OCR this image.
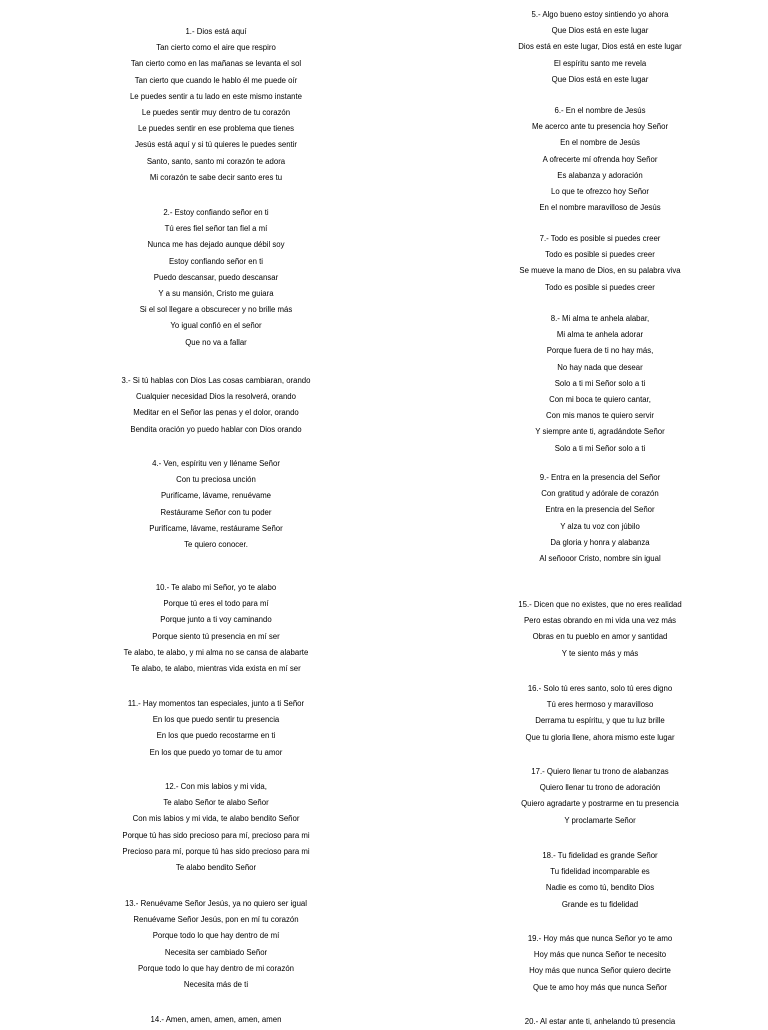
1.- Dios está aquí
Tan cierto como el aire que respiro
Tan cierto como en las mañanas se levanta el sol
Tan cierto que cuando le hablo él me puede oír
Le puedes sentir a tu lado en este mismo instante
Le puedes sentir muy dentro de tu corazón
Le puedes sentir en ese problema que tienes
Jesús está aquí y si tú quieres le puedes sentir
Santo, santo, santo mi corazón te adora
Mi corazón te sabe decir santo eres tu
2.- Estoy confiando señor en ti
Tú eres fiel señor tan fiel a mí
Nunca me has dejado aunque débil soy
Estoy confiando señor en ti
Puedo descansar, puedo descansar
Y a su mansión, Cristo me guiara
Si el sol llegare a obscurecer y no brille más
Yo igual confió en el señor
Que no va a fallar
3.- Si tú hablas con Dios Las cosas cambiaran, orando
Cualquier necesidad Dios la resolverá, orando
Meditar en el Señor las penas y el dolor, orando
Bendita oración yo puedo hablar con Dios orando
4.- Ven, espíritu ven y lléname Señor
Con tu preciosa unción
Purifícame, lávame, renuévame
Restáurame Señor con tu poder
Purifícame, lávame, restáurame Señor
Te quiero conocer.
10.- Te alabo mi Señor, yo te alabo
Porque tú eres el todo para mí
Porque junto a ti voy caminando
Porque siento tú presencia en mí ser
Te alabo, te alabo, y mi alma no se cansa de alabarte
Te alabo, te alabo, mientras vida exista en mí ser
11.- Hay momentos tan especiales, junto a ti Señor
En los que puedo sentir tu presencia
En los que puedo recostarme en ti
En los que puedo yo tomar de tu amor
12.- Con mis labios y mi vida,
Te alabo Señor te alabo Señor
Con mis labios y mi vida, te alabo bendito Señor
Porque tú has sido precioso para mí, precioso para mi
Precioso para mí, porque tú has sido precioso para mi
Te alabo bendito Señor
13.- Renuévame Señor Jesús, ya no quiero ser igual
Renuévame Señor Jesús, pon en mí tu corazón
Porque todo lo que hay dentro de mí
Necesita ser cambiado Señor
Porque todo lo que hay dentro de mi corazón
Necesita más de ti
14.- Amen, amen, amen, amen, amen
5.- Algo bueno estoy sintiendo yo ahora
Que Dios está en este lugar
Dios está en este lugar, Dios está en este lugar
El espíritu santo me revela
Que Dios está en este lugar
6.- En el nombre de Jesús
Me acerco ante tu presencia hoy Señor
En el nombre de Jesús
A ofrecerte mí ofrenda hoy Señor
Es alabanza y adoración
Lo que te ofrezco hoy Señor
En el nombre maravilloso de Jesús
7.- Todo es posible si puedes creer
Todo es posible si puedes creer
Se mueve la mano de Dios, en su palabra viva
Todo es posible si puedes creer
8.- Mi alma te anhela alabar,
Mi alma te anhela adorar
Porque fuera de ti no hay más,
No hay nada que desear
Solo a ti mi Señor solo a ti
Con mi boca te quiero cantar,
Con mis manos te quiero servir
Y siempre ante ti, agradándote Señor
Solo a ti mi Señor solo a ti
9.- Entra en la presencia del Señor
Con gratitud y adórale de corazón
Entra en la presencia del Señor
Y alza tu voz con júbilo
Da gloria y honra y alabanza
Al señooor Cristo, nombre sin igual
15.- Dicen que no existes, que no eres realidad
Pero estas obrando en mi vida una vez más
Obras en tu pueblo en amor y santidad
Y te siento más y más
16.- Solo tú eres santo, solo tú eres digno
Tú eres hermoso y maravilloso
Derrama tu espíritu, y que tu luz brille
Que tu gloria llene, ahora mismo este lugar
17.- Quiero llenar tu trono de alabanzas
Quiero llenar tu trono de adoración
Quiero agradarte y postrarme en tu presencia
Y proclamarte Señor
18.- Tu fidelidad es grande Señor
Tu fidelidad incomparable es
Nadie es como tú, bendito Dios
Grande es tu fidelidad
19.- Hoy más que nunca Señor yo te amo
Hoy más que nunca Señor te necesito
Hoy más que nunca Señor quiero decirte
Que te amo hoy más que nunca Señor
20.- Al estar ante ti, anhelando tú presencia
